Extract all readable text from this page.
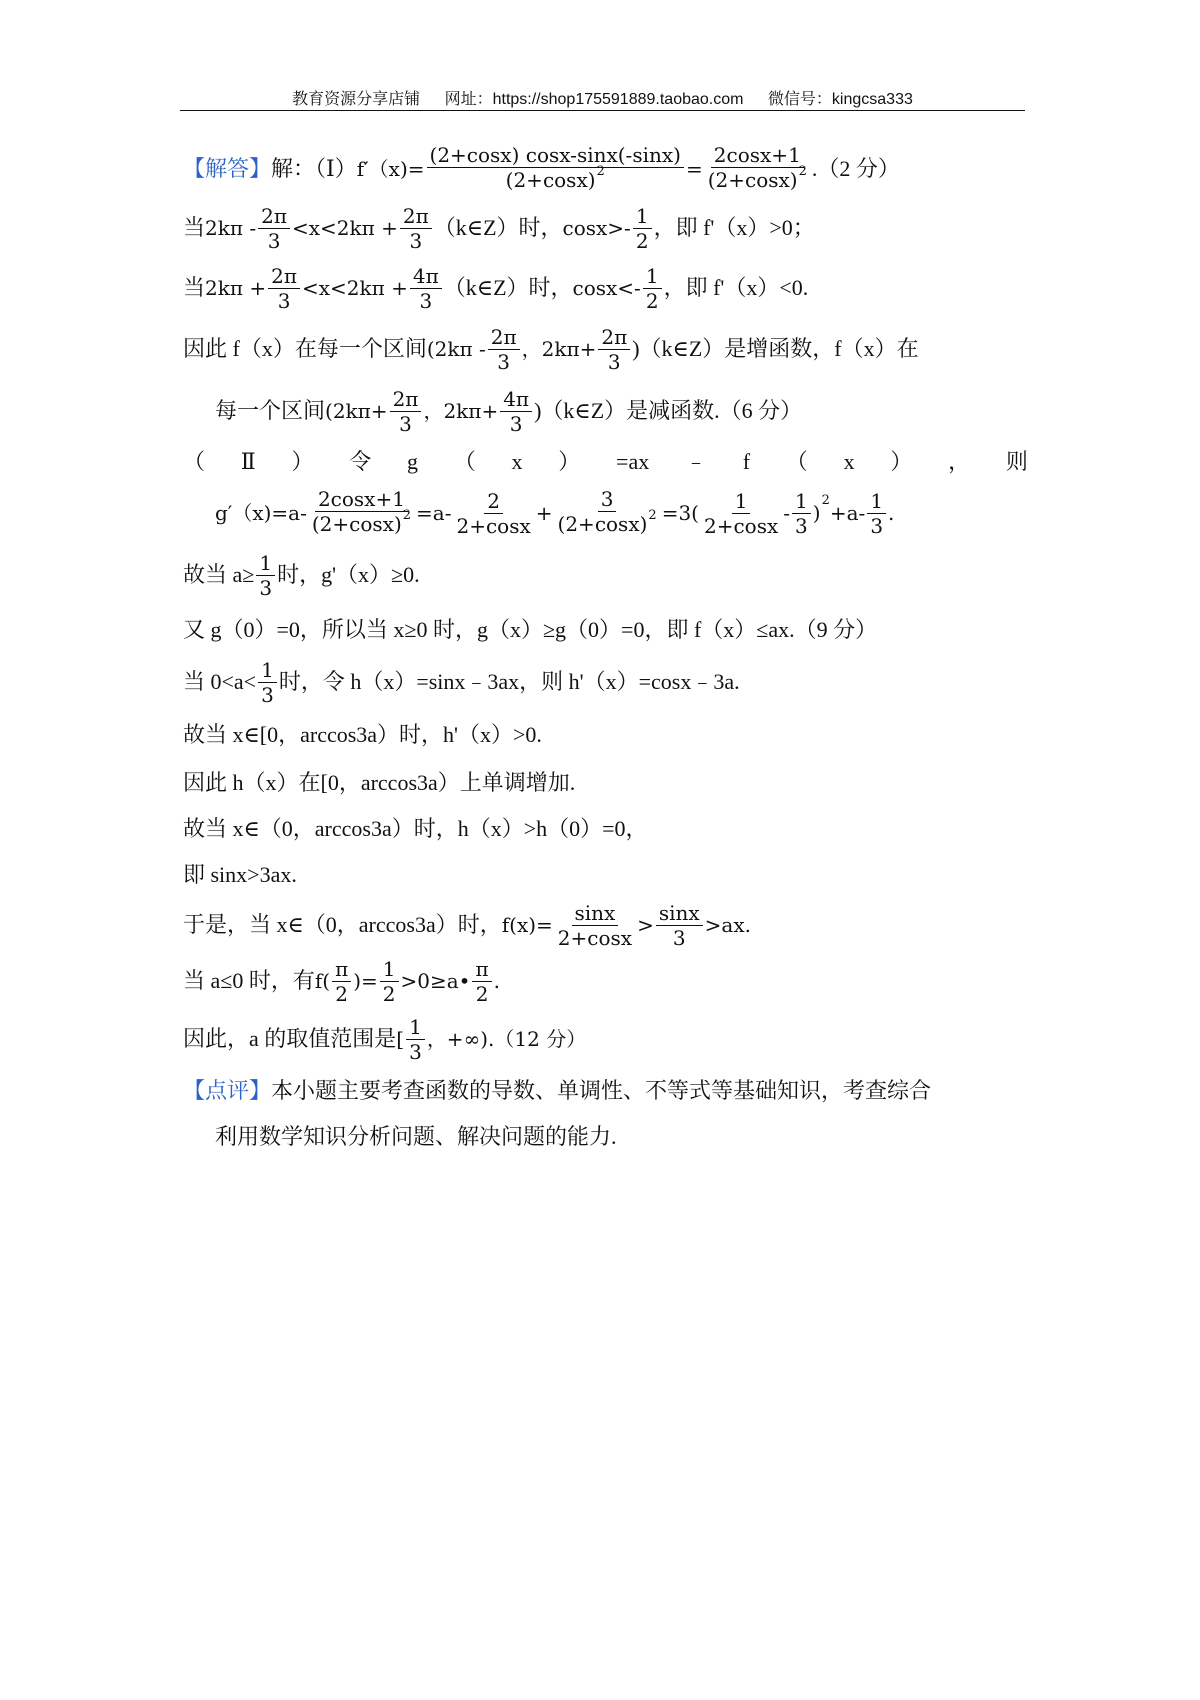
教育资源分享店铺 网址：https://shop175591889.taobao.com 微信号：kingcsa333
【解答】 解：（Ⅰ） $f'(x)= \frac{(2+\cos x) \cos x-\sin x(-\sin x)}{(2+\cos x)^2} = \frac{2\cos x+1}{(2+\cos x)^2} .(2$ 分）
当 $2k\pi - \frac{2\pi}{3} <x<2k\pi + \frac{2\pi}{3}$ （k∈Z）时， $\cos x>- \frac{1}{2}$ ，即 f'（x）>0；
当 $2k\pi + \frac{2\pi}{3} <x<2k\pi + \frac{4\pi}{3}$ （k∈Z）时， $\cos x<- \frac{1}{2}$ ，即 f'（x）<0.
因此 f（x）在每一个区间 ($2k\pi - \frac{2\pi}{3}$ ，$2k\pi+ \frac{2\pi}{3}$ )（k∈Z）是增函数，f（x）在
每一个区间 ($2k\pi+ \frac{2\pi}{3}$ ，$2k\pi+ \frac{4\pi}{3}$ )（k∈Z）是减函数.（6 分）
（ Ⅱ ） 令 g （ x ） =ax ﹣ f （ x ） ， 则
$g'(x)=a- \frac{2\cos x+1}{(2+\cos x)^2} =a- \frac{2}{2+\cos x} + \frac{3}{(2+\cos x)^2} =3( \frac{1}{2+\cos x} - \frac{1}{3}$ )
2
$+a- \frac{1}{3}$ .
故当 $a\ge \frac{1}{3}$ 时，g'（x）≥0.
又 g（0）=0，所以当 x≥0 时，g（x）≥g（0）=0，即 f（x）≤ax.（9 分）
当 $0<a< \frac{1}{3}$ 时，令 h（x）=sinx﹣3ax，则 h'（x）=cosx﹣3a.
故当 x∈[0，arccos3a）时，h'（x）>0.
因此 h（x）在[0，arccos3a）上单调增加.
故当 x∈（0，arccos3a）时，h（x）>h（0）=0，
即 sinx>3ax.
于是，当 x∈（0，arccos3a）时， $f(x)= \frac{\sin x}{2+\cos x} > \frac{\sin x}{3} >ax$.
当 a≤0 时，有 $f( \frac{\pi}{2}$ )= $\frac{1}{2}$ >0≥a• $\frac{\pi}{2}$ .
因此，a 的取值范围是 [ $\frac{1}{3}$ ，+∞).（12 分）
【点评】 本小题主要考查函数的导数、单调性、不等式等基础知识，考查综合
利用数学知识分析问题、解决问题的能力.
